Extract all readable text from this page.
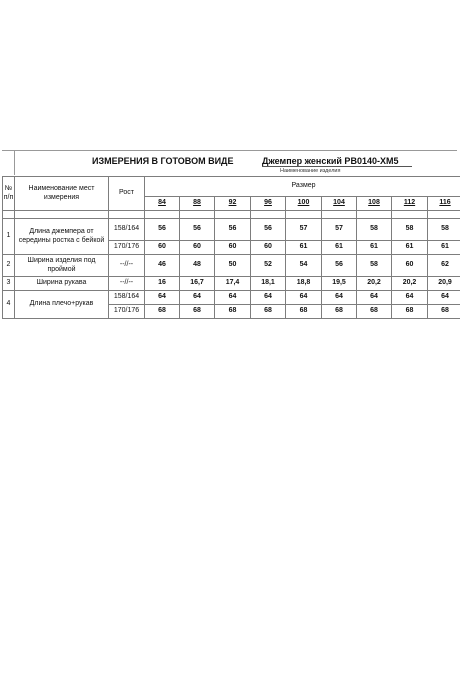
ИЗМЕРЕНИЯ В ГОТОВОМ ВИДЕ	Джемпер женский РВ0140-ХМ5
Наименование изделия
№ п/п	Наименование мест измерения	Рост	Размер								
			84	88	92	96	100	104	108	112	116

1	Длина джемпера от середины ростка с бейкой	158/164	56	56	56	56	57	57	58	58	58
		170/176	60	60	60	60	61	61	61	61	61
2	Ширина изделия под проймой	--//--	46	48	50	52	54	56	58	60	62
3	Ширина рукава	--//--	16	16,7	17,4	18,1	18,8	19,5	20,2	20,2	20,9
4	Длина плечо+рукав	158/164	64	64	64	64	64	64	64	64	64
		170/176	68	68	68	68	68	68	68	68	68
